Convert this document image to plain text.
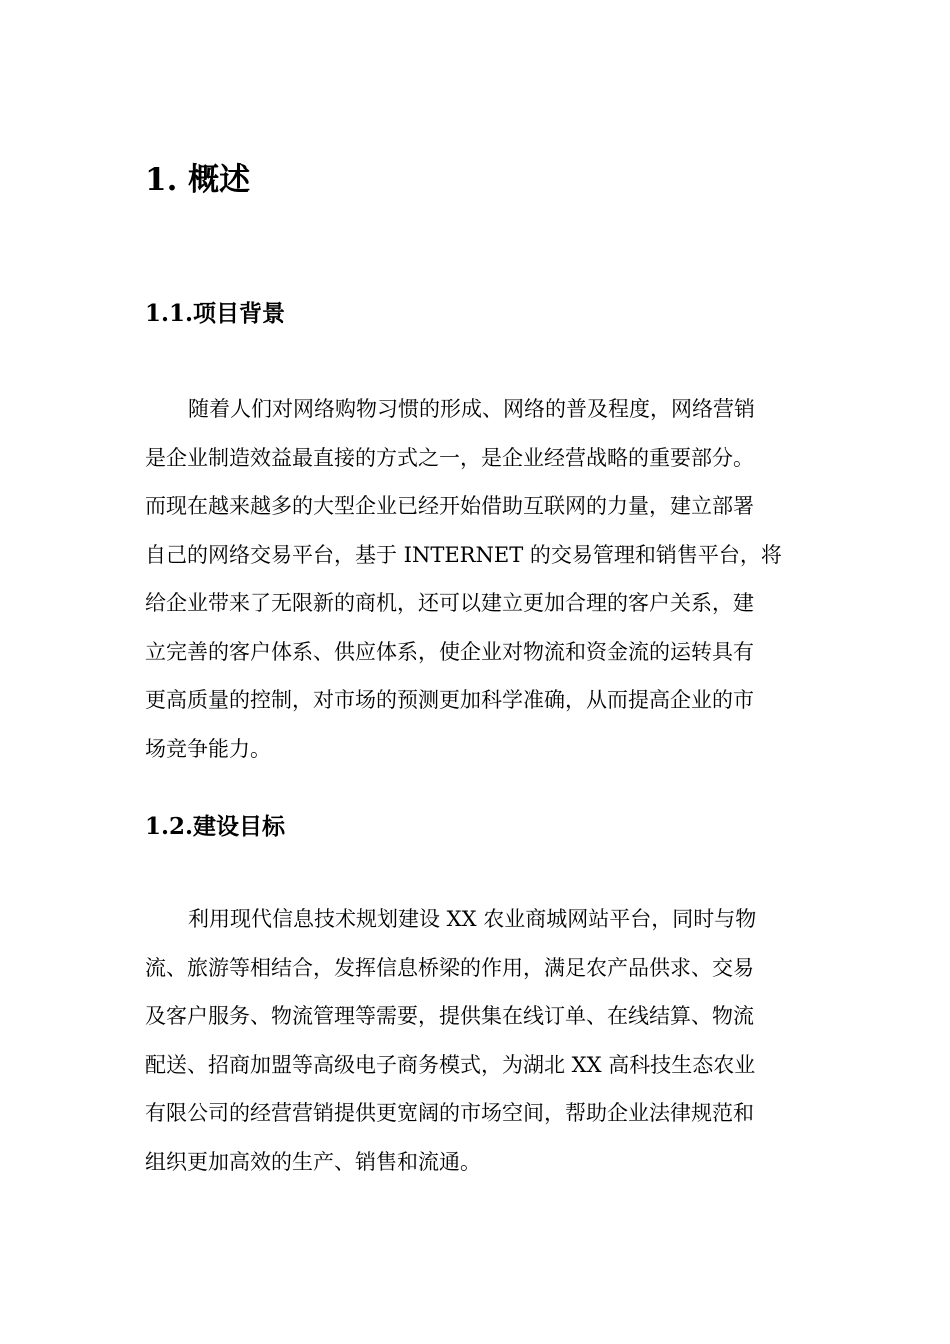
1. 概述
1.1.项目背景
随着人们对网络购物习惯的形成、网络的普及程度，网络营销
是企业制造效益最直接的方式之一，是企业经营战略的重要部分。
而现在越来越多的大型企业已经开始借助互联网的力量，建立部署
自己的网络交易平台，基于 INTERNET 的交易管理和销售平台，将
给企业带来了无限新的商机，还可以建立更加合理的客户关系，建
立完善的客户体系、供应体系，使企业对物流和资金流的运转具有
更高质量的控制，对市场的预测更加科学准确，从而提高企业的市
场竞争能力。
1.2.建设目标
利用现代信息技术规划建设 XX 农业商城网站平台，同时与物
流、旅游等相结合，发挥信息桥梁的作用，满足农产品供求、交易
及客户服务、物流管理等需要，提供集在线订单、在线结算、物流
配送、招商加盟等高级电子商务模式，为湖北 XX 高科技生态农业
有限公司的经营营销提供更宽阔的市场空间，帮助企业法律规范和
组织更加高效的生产、销售和流通。
